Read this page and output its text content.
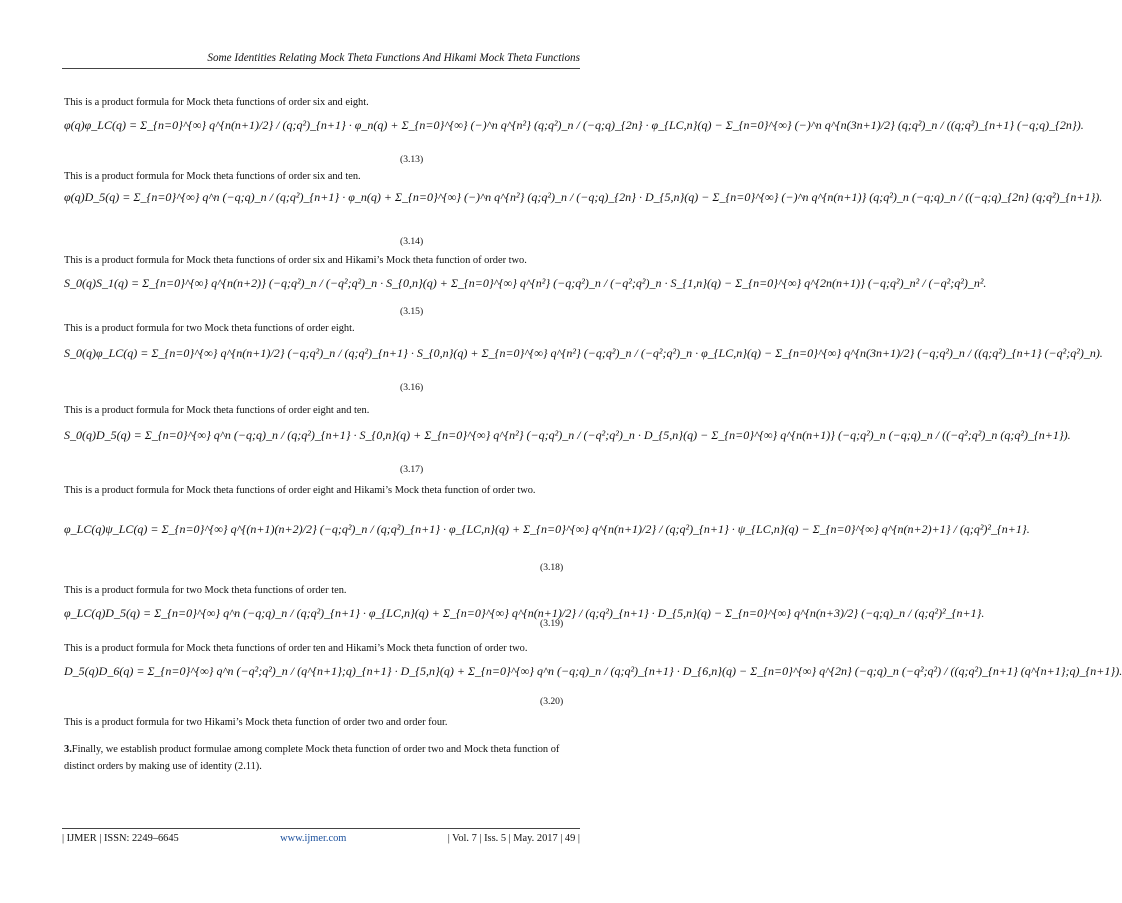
Some Identities Relating Mock Theta Functions And Hikami Mock Theta Functions
This is a product formula for Mock theta functions of order six and eight.
φ(q)φ_LC(q) = Σ_{n=0}^{∞} q^{n(n+1)/2} / (q;q²)_{n+1} · φ_n(q) + Σ_{n=0}^{∞} (−)^n q^{n²} (q;q²)_n / (−q;q)_{2n} · φ_{LC,n}(q) − Σ_{n=0}^{∞} (−)^n q^{n(3n+1)/2} (q;q²)_n / ((q;q²)_{n+1} (−q;q)_{2n}).
(3.13)
This is a product formula for Mock theta functions of order six and ten.
φ(q)D_5(q) = Σ_{n=0}^{∞} q^n (−q;q)_n / (q;q²)_{n+1} · φ_n(q) + Σ_{n=0}^{∞} (−)^n q^{n²} (q;q²)_n / (−q;q)_{2n} · D_{5,n}(q) − Σ_{n=0}^{∞} (−)^n q^{n(n+1)} (q;q²)_n (−q;q)_n / ((−q;q)_{2n} (q;q²)_{n+1}).
(3.14)
This is a product formula for Mock theta functions of order six and Hikami’s Mock theta function of order two.
S_0(q)S_1(q) = Σ_{n=0}^{∞} q^{n(n+2)} (−q;q²)_n / (−q²;q²)_n · S_{0,n}(q) + Σ_{n=0}^{∞} q^{n²} (−q;q²)_n / (−q²;q²)_n · S_{1,n}(q) − Σ_{n=0}^{∞} q^{2n(n+1)} (−q;q²)_n² / (−q²;q²)_n².
(3.15)
This is a product formula for two Mock theta functions of order eight.
S_0(q)φ_LC(q) = Σ_{n=0}^{∞} q^{n(n+1)/2} (−q;q²)_n / (q;q²)_{n+1} · S_{0,n}(q) + Σ_{n=0}^{∞} q^{n²} (−q;q²)_n / (−q²;q²)_n · φ_{LC,n}(q) − Σ_{n=0}^{∞} q^{n(3n+1)/2} (−q;q²)_n / ((q;q²)_{n+1} (−q²;q²)_n).
(3.16)
This is a product formula for Mock theta functions of order eight and ten.
S_0(q)D_5(q) = Σ_{n=0}^{∞} q^n (−q;q)_n / (q;q²)_{n+1} · S_{0,n}(q) + Σ_{n=0}^{∞} q^{n²} (−q;q²)_n / (−q²;q²)_n · D_{5,n}(q) − Σ_{n=0}^{∞} q^{n(n+1)} (−q;q²)_n (−q;q)_n / ((−q²;q²)_n (q;q²)_{n+1}).
(3.17)
This is a product formula for Mock theta functions of order eight and Hikami’s Mock theta function of order two.
φ_LC(q)ψ_LC(q) = Σ_{n=0}^{∞} q^{(n+1)(n+2)/2} (−q;q²)_n / (q;q²)_{n+1} · φ_{LC,n}(q) + Σ_{n=0}^{∞} q^{n(n+1)/2} / (q;q²)_{n+1} · ψ_{LC,n}(q) − Σ_{n=0}^{∞} q^{n(n+2)+1} / (q;q²)²_{n+1}.
(3.18)
This is a product formula for two Mock theta functions of order ten.
φ_LC(q)D_5(q) = Σ_{n=0}^{∞} q^n (−q;q)_n / (q;q²)_{n+1} · φ_{LC,n}(q) + Σ_{n=0}^{∞} q^{n(n+1)/2} / (q;q²)_{n+1} · D_{5,n}(q) − Σ_{n=0}^{∞} q^{n(n+3)/2} (−q;q)_n / (q;q²)²_{n+1}.
(3.19)
This is a product formula for Mock theta functions of order ten and Hikami’s Mock theta function of order two.
D_5(q)D_6(q) = Σ_{n=0}^{∞} q^n (−q²;q²)_n / (q^{n+1};q)_{n+1} · D_{5,n}(q) + Σ_{n=0}^{∞} q^n (−q;q)_n / (q;q²)_{n+1} · D_{6,n}(q) − Σ_{n=0}^{∞} q^{2n} (−q;q)_n (−q²;q²) / ((q;q²)_{n+1} (q^{n+1};q)_{n+1}).
(3.20)
This is a product formula for two Hikami’s Mock theta function of order two and order four.
3.Finally, we establish product formulae among complete Mock theta function of order two and Mock theta function of distinct orders by making use of identity (2.11).
| IJMER | ISSN: 2249–6645	www.ijmer.com	| Vol. 7 | Iss. 5 | May. 2017 | 49 |
